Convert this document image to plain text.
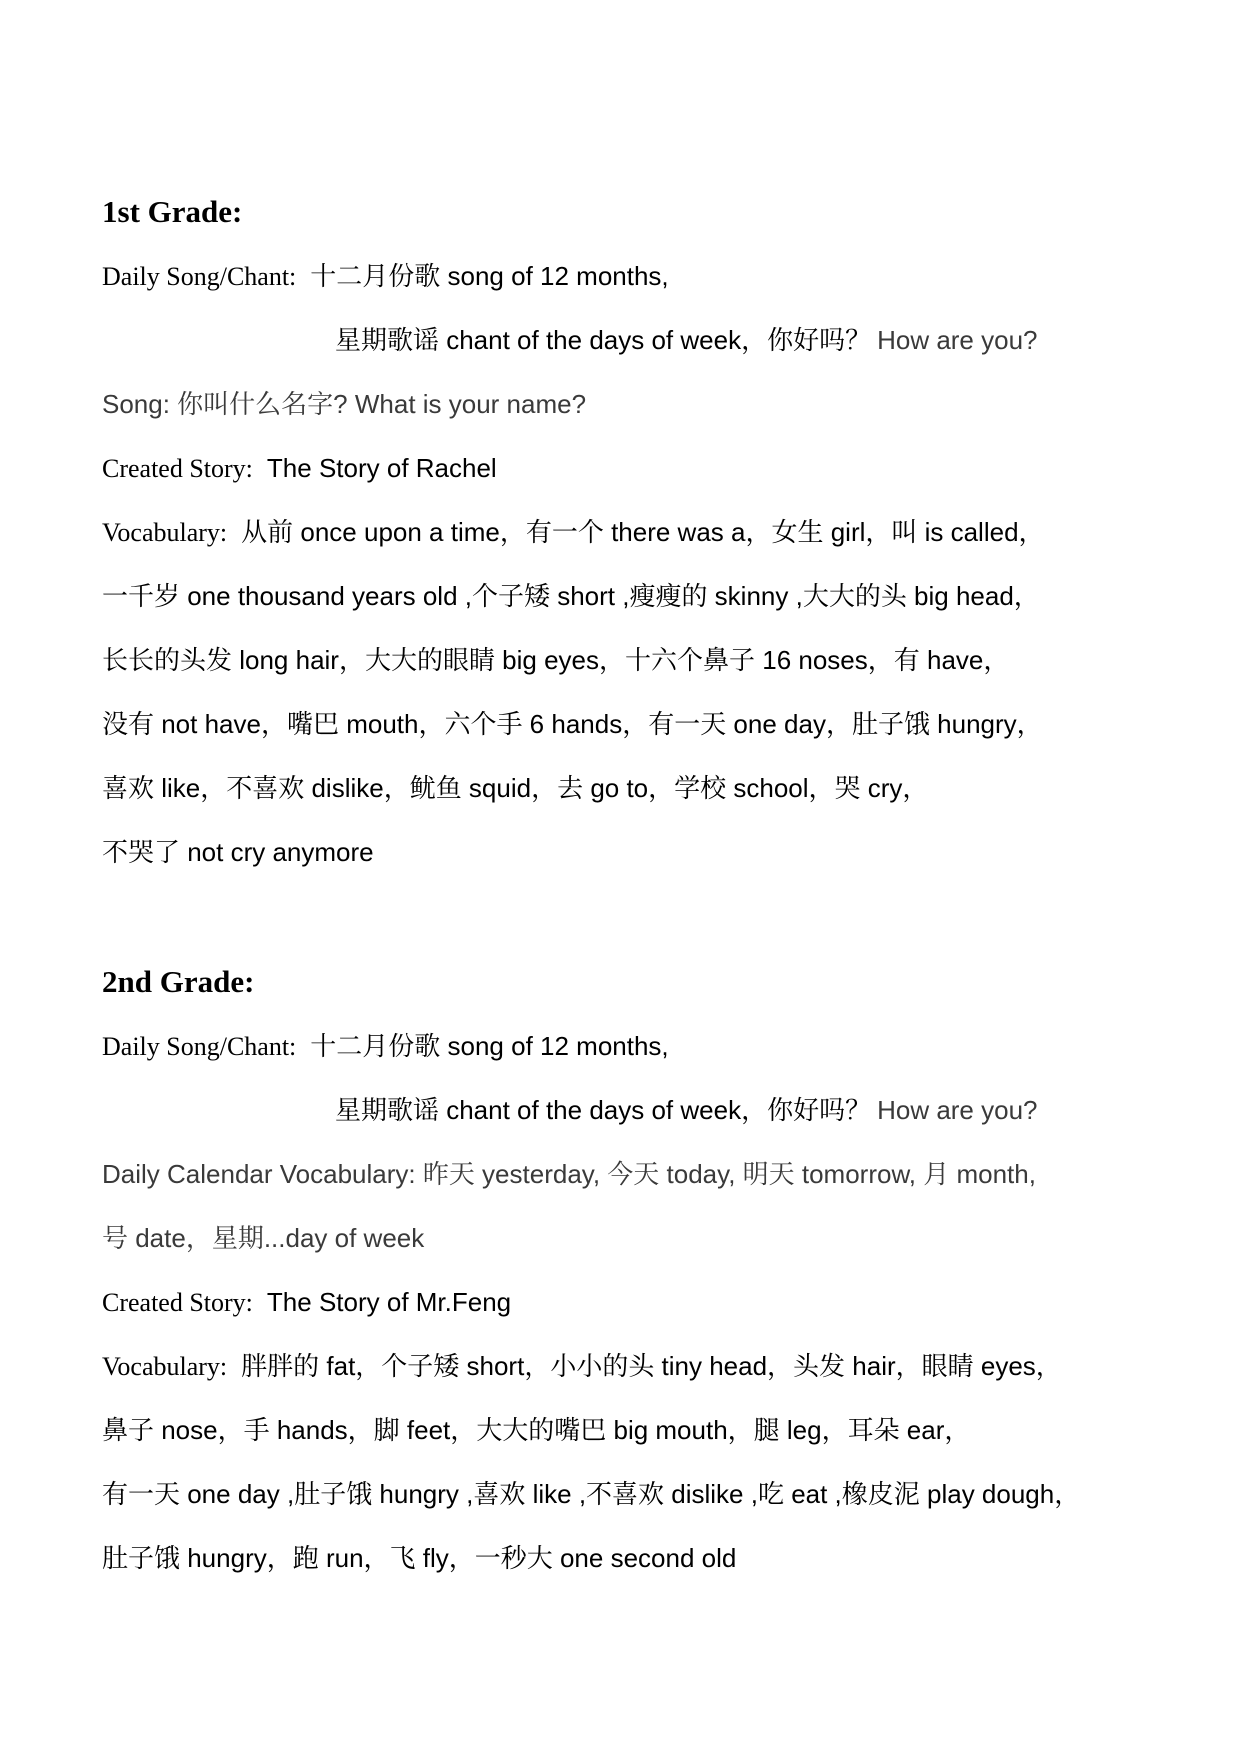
1st Grade:
Daily Song/Chant: 十二月份歌 song of 12 months,
星期歌谣 chant of the days of week，你好吗？ How are you?
Song: 你叫什么名字? What is your name?
Created Story: The Story of Rachel
Vocabulary: 从前 once upon a time，有一个 there was a，女生 girl，叫 is called，
一千岁 one thousand years old ,个子矮 short ,瘦瘦的 skinny ,大大的头 big head，
长长的头发 long hair，大大的眼睛 big eyes，十六个鼻子 16 noses，有 have，
没有 not have，嘴巴 mouth，六个手 6 hands，有一天 one day，肚子饿 hungry，
喜欢 like，不喜欢 dislike，鱿鱼 squid，去 go to，学校 school，哭 cry，
不哭了 not cry anymore
2nd Grade:
Daily Song/Chant: 十二月份歌 song of 12 months,
星期歌谣 chant of the days of week，你好吗？ How are you?
Daily Calendar Vocabulary: 昨天 yesterday, 今天 today, 明天 tomorrow, 月 month,
号 date，星期...day of week
Created Story: The Story of Mr.Feng
Vocabulary: 胖胖的 fat，个子矮 short，小小的头 tiny head，头发 hair，眼睛 eyes，
鼻子 nose，手 hands，脚 feet，大大的嘴巴 big mouth，腿 leg，耳朵 ear，
有一天 one day ,肚子饿 hungry ,喜欢 like ,不喜欢 dislike ,吃 eat ,橡皮泥 play dough，
肚子饿 hungry，跑 run，飞 fly，一秒大 one second old
